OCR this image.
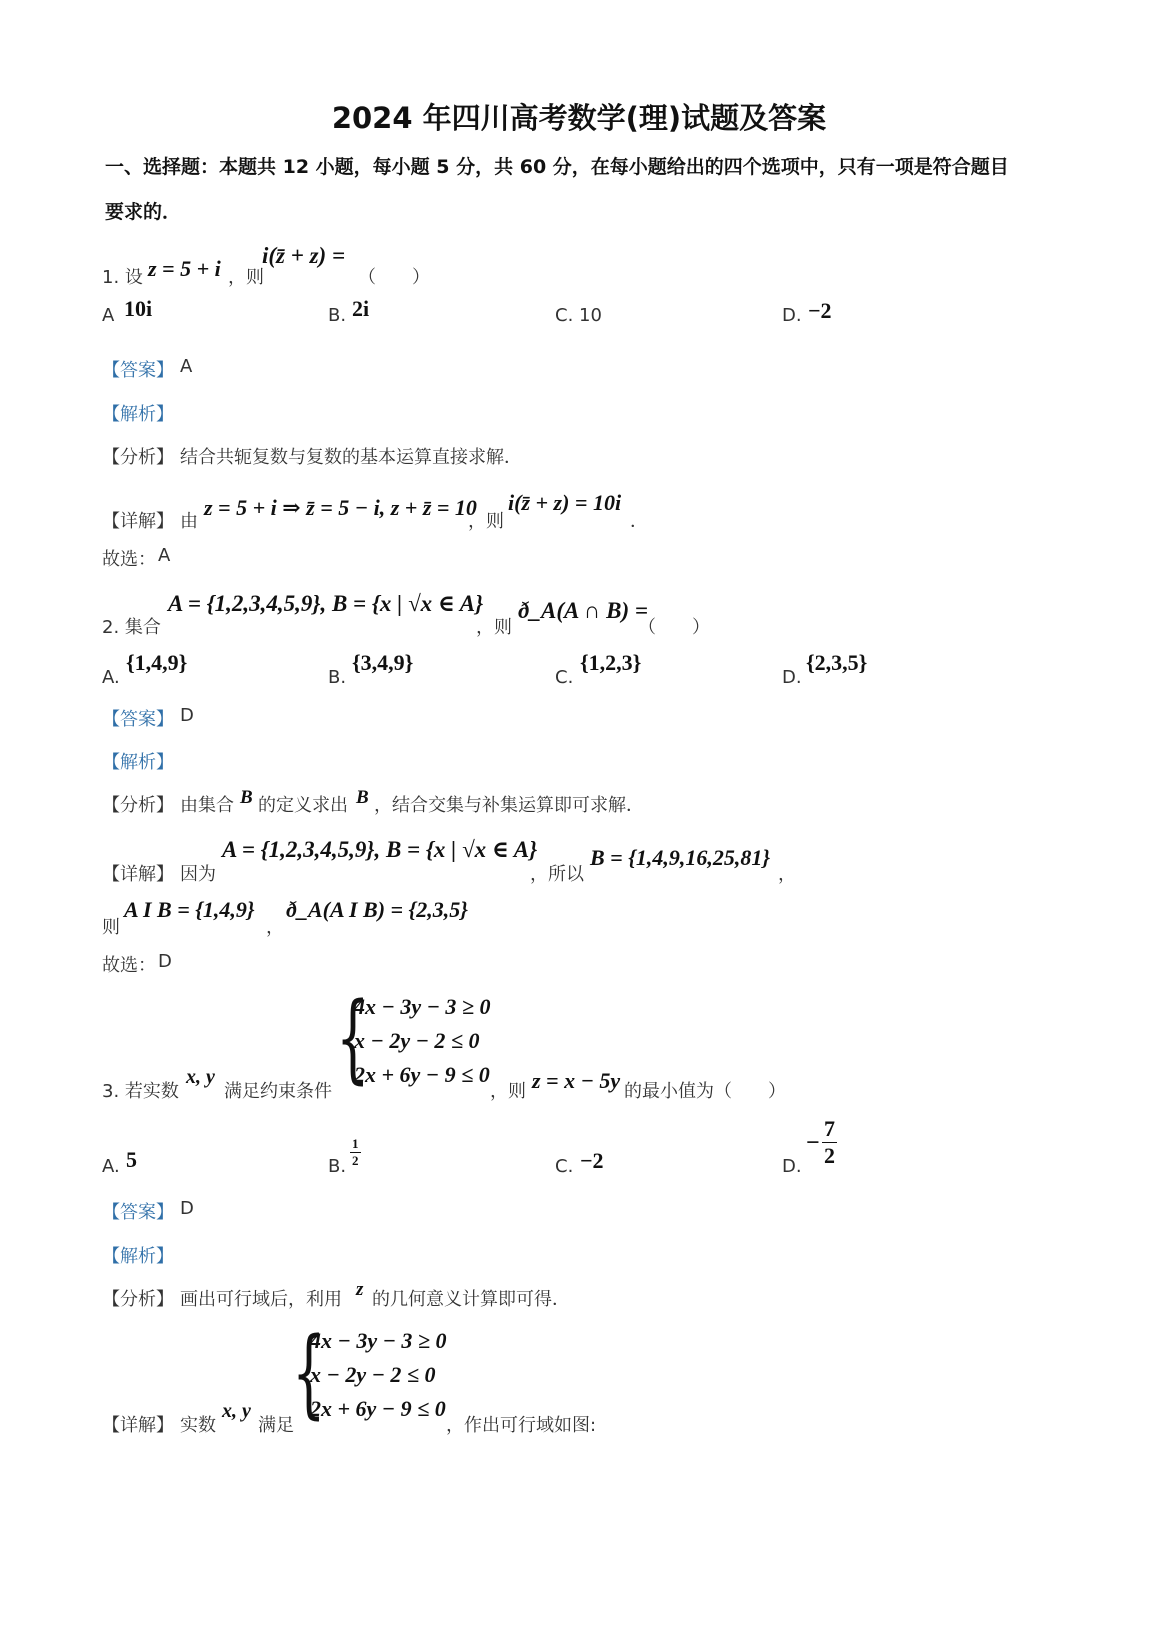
2024 年四川高考数学(理)试题及答案
一、选择题：本题共 12 小题，每小题 5 分，共 60 分，在每小题给出的四个选项中，只有一项是符合题目
要求的．
1. 设 z = 5 + i ，则
i(z̄ + z) =
（　　）
A 10i	B. 2i	C. 10	D. −2
【答案】 A
【解析】
【分析】 结合共轭复数与复数的基本运算直接求解．
【详解】 由
z = 5 + i ⇒ z̄ = 5 − i, z + z̄ = 10
，则
i(z̄ + z) = 10i
．
故选： A
2. 集合
A = {1,2,3,4,5,9}, B = {x | √x ∈ A}
，则
ð_A(A ∩ B) =
（　　）
A.
{1,4,9}
B.
{3,4,9}
C.
{1,2,3}
D.
{2,3,5}
【答案】 D
【解析】
【分析】 由集合 B 的定义求出 B ，结合交集与补集运算即可求解．
【详解】 因为
A = {1,2,3,4,5,9}, B = {x | √x ∈ A}
，所以
B = {1,4,9,16,25,81}
，
则
A I B = {1,4,9}
，
ð_A(A I B) = {2,3,5}
故选： D
3. 若实数
x, y
满足约束条件 {
4x − 3y − 3 ≥ 0
x − 2y − 2 ≤ 0
2x + 6y − 9 ≤ 0
，则 z = x − 5y 的最小值为（　　）
A. 5	B. $\frac{1}{2}$	C. −2	D.
− $\frac{7}{2}$
【答案】 D
【解析】
【分析】 画出可行域后，利用 z 的几何意义计算即可得．
【详解】 实数
x, y
满足
{
4x − 3y − 3 ≥ 0
x − 2y − 2 ≤ 0
2x + 6y − 9 ≤ 0
，作出可行域如图:
